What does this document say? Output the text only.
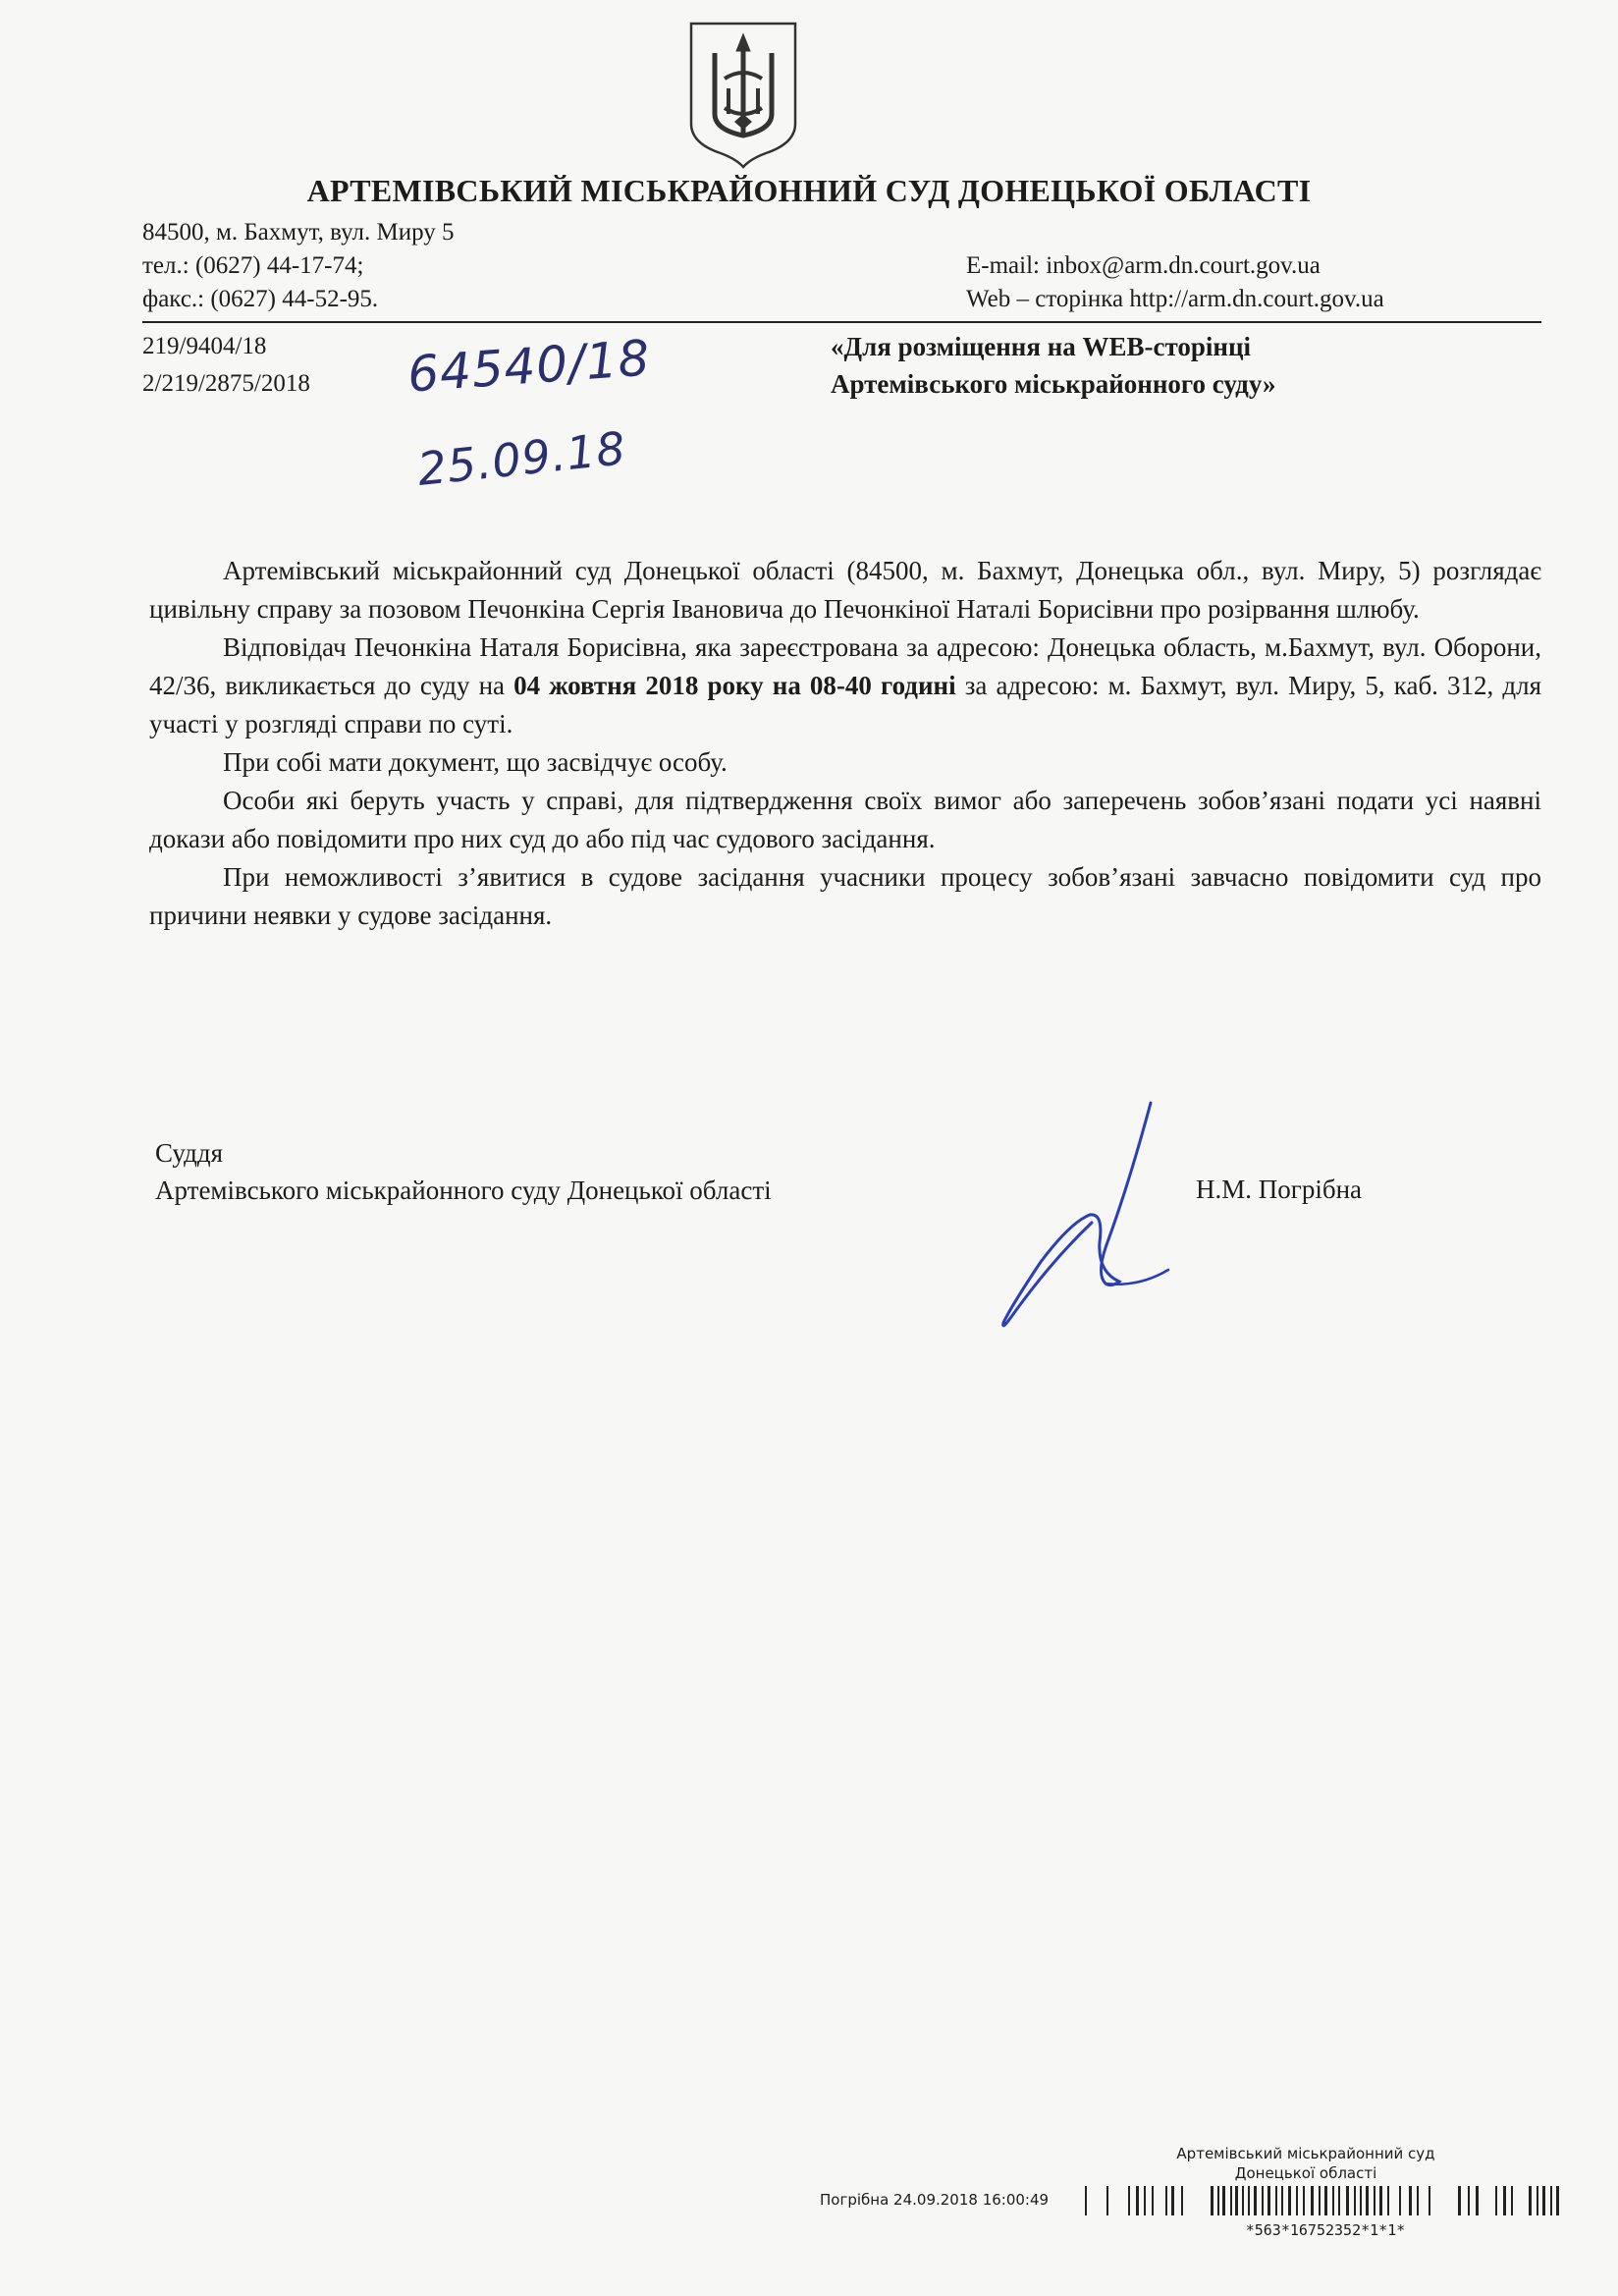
АРТЕМІВСЬКИЙ МІСЬКРАЙОННИЙ СУД ДОНЕЦЬКОЇ ОБЛАСТІ
84500, м. Бахмут, вул. Миру 5
тел.: (0627) 44-17-74;
факс.: (0627) 44-52-95.
E-mail: inbox@arm.dn.court.gov.ua
Web – сторінка http://arm.dn.court.gov.ua
219/9404/18
2/219/2875/2018 64540/18
25.09.18
«Для розміщення на WEB-сторінці
Артемівського міськрайонного суду»

Артемівський міськрайонний суд Донецької області (84500, м. Бахмут, Донецька обл., вул. Миру, 5) розглядає цивільну справу за позовом Печонкіна Сергія Івановича до Печонкіної Наталі Борисівни про розірвання шлюбу.

Відповідач Печонкіна Наталя Борисівна, яка зареєстрована за адресою: Донецька область, м.Бахмут, вул. Оборони, 42/36, викликається до суду на 04 жовтня 2018 року на 08-40 годині за адресою: м. Бахмут, вул. Миру, 5, каб. 312, для участі у розгляді справи по суті.

При собі мати документ, що засвідчує особу.

Особи які беруть участь у справі, для підтвердження своїх вимог або заперечень зобов’язані подати усі наявні докази або повідомити про них суд до або під час судового засідання.

При неможливості з’явитися в судове засідання учасники процесу зобов’язані завчасно повідомити суд про причини неявки у судове засідання.

Суддя
Артемівського міськрайонного суду Донецької області	Н.М. Погрібна
Артемівський міськрайонний суд
Донецької області
Погрібна 24.09.2018 16:00:49
*563*16752352*1*1*
